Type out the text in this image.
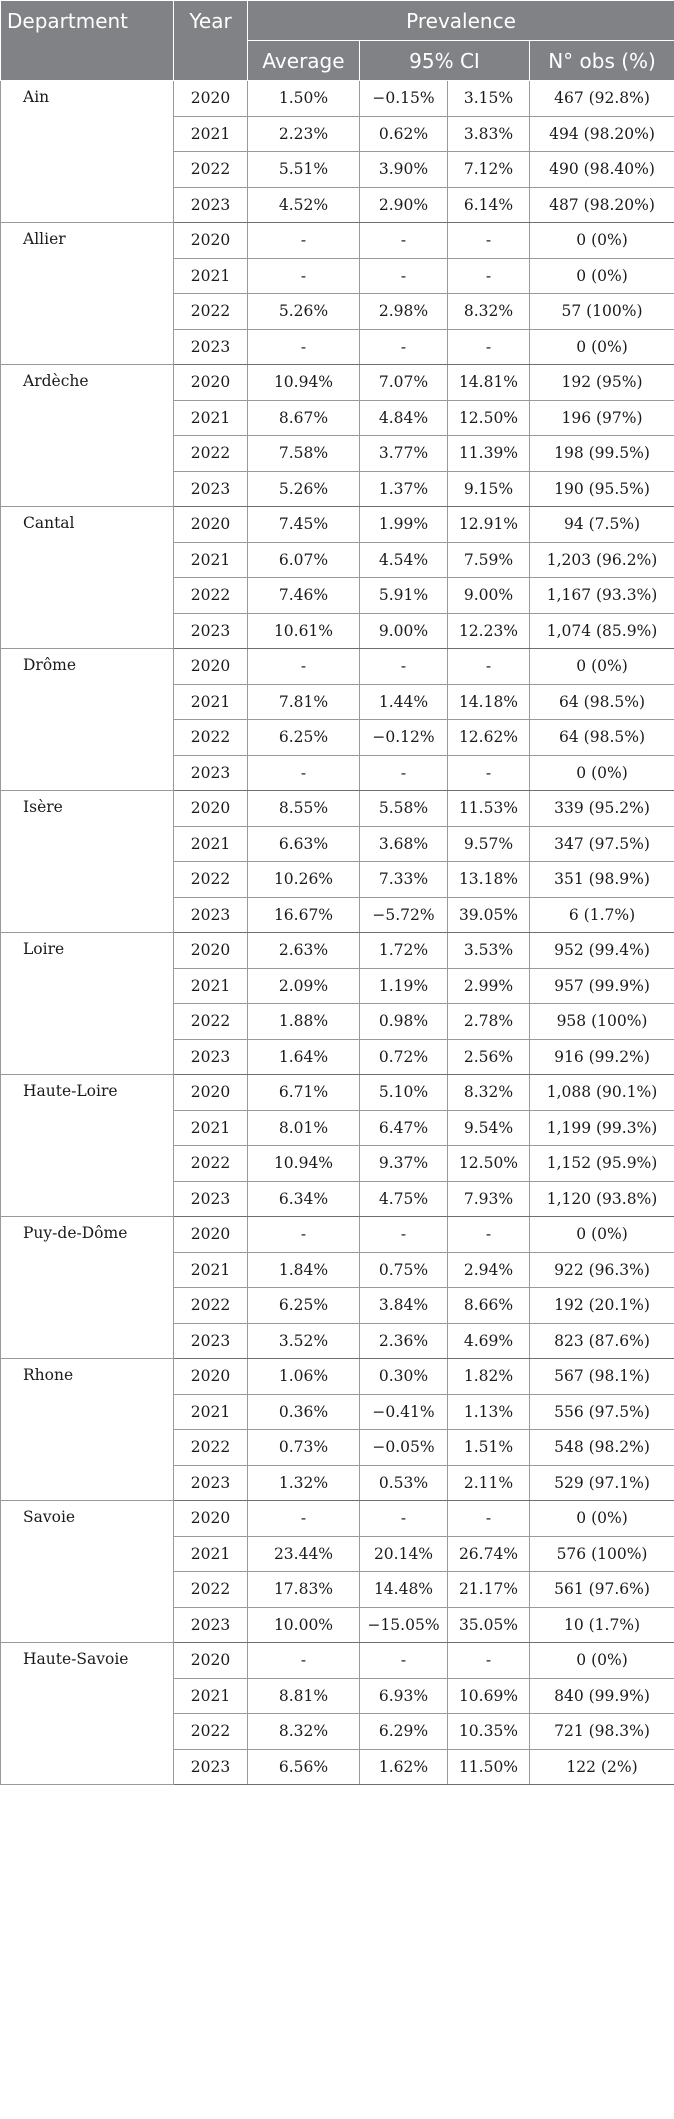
Department	Year	Prevalence			
		Average	95% CI		N° obs (%)
Ain	2020	1.50%	−0.15%	3.15%	467 (92.8%)
	2021	2.23%	0.62%	3.83%	494 (98.20%)
	2022	5.51%	3.90%	7.12%	490 (98.40%)
	2023	4.52%	2.90%	6.14%	487 (98.20%)
Allier	2020	-	-	-	0 (0%)
	2021	-	-	-	0 (0%)
	2022	5.26%	2.98%	8.32%	57 (100%)
	2023	-	-	-	0 (0%)
Ardèche	2020	10.94%	7.07%	14.81%	192 (95%)
	2021	8.67%	4.84%	12.50%	196 (97%)
	2022	7.58%	3.77%	11.39%	198 (99.5%)
	2023	5.26%	1.37%	9.15%	190 (95.5%)
Cantal	2020	7.45%	1.99%	12.91%	94 (7.5%)
	2021	6.07%	4.54%	7.59%	1,203 (96.2%)
	2022	7.46%	5.91%	9.00%	1,167 (93.3%)
	2023	10.61%	9.00%	12.23%	1,074 (85.9%)
Drôme	2020	-	-	-	0 (0%)
	2021	7.81%	1.44%	14.18%	64 (98.5%)
	2022	6.25%	−0.12%	12.62%	64 (98.5%)
	2023	-	-	-	0 (0%)
Isère	2020	8.55%	5.58%	11.53%	339 (95.2%)
	2021	6.63%	3.68%	9.57%	347 (97.5%)
	2022	10.26%	7.33%	13.18%	351 (98.9%)
	2023	16.67%	−5.72%	39.05%	6 (1.7%)
Loire	2020	2.63%	1.72%	3.53%	952 (99.4%)
	2021	2.09%	1.19%	2.99%	957 (99.9%)
	2022	1.88%	0.98%	2.78%	958 (100%)
	2023	1.64%	0.72%	2.56%	916 (99.2%)
Haute-Loire	2020	6.71%	5.10%	8.32%	1,088 (90.1%)
	2021	8.01%	6.47%	9.54%	1,199 (99.3%)
	2022	10.94%	9.37%	12.50%	1,152 (95.9%)
	2023	6.34%	4.75%	7.93%	1,120 (93.8%)
Puy-de-Dôme	2020	-	-	-	0 (0%)
	2021	1.84%	0.75%	2.94%	922 (96.3%)
	2022	6.25%	3.84%	8.66%	192 (20.1%)
	2023	3.52%	2.36%	4.69%	823 (87.6%)
Rhone	2020	1.06%	0.30%	1.82%	567 (98.1%)
	2021	0.36%	−0.41%	1.13%	556 (97.5%)
	2022	0.73%	−0.05%	1.51%	548 (98.2%)
	2023	1.32%	0.53%	2.11%	529 (97.1%)
Savoie	2020	-	-	-	0 (0%)
	2021	23.44%	20.14%	26.74%	576 (100%)
	2022	17.83%	14.48%	21.17%	561 (97.6%)
	2023	10.00%	−15.05%	35.05%	10 (1.7%)
Haute-Savoie	2020	-	-	-	0 (0%)
	2021	8.81%	6.93%	10.69%	840 (99.9%)
	2022	8.32%	6.29%	10.35%	721 (98.3%)
	2023	6.56%	1.62%	11.50%	122 (2%)
